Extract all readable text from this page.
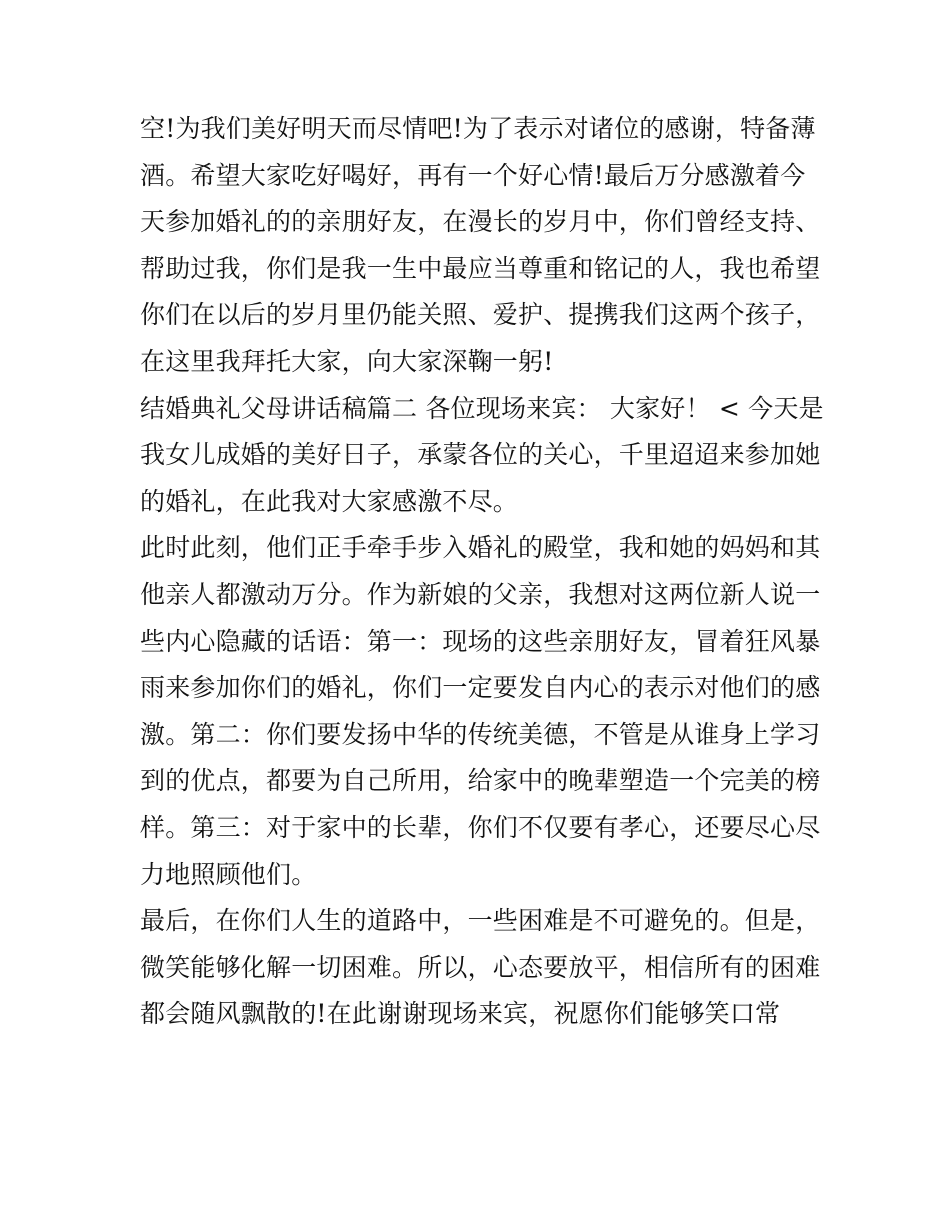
空!为我们美好明天而尽情吧!为了表示对诸位的感谢，特备薄
酒。希望大家吃好喝好，再有一个好心情!最后万分感激着今
天参加婚礼的的亲朋好友，在漫长的岁月中，你们曾经支持、
帮助过我，你们是我一生中最应当尊重和铭记的人，我也希望
你们在以后的岁月里仍能关照、爱护、提携我们这两个孩子，
在这里我拜托大家，向大家深鞠一躬!
结婚典礼父母讲话稿篇二 各位现场来宾： 大家好！ < 今天是
我女儿成婚的美好日子，承蒙各位的关心，千里迢迢来参加她
的婚礼，在此我对大家感激不尽。
此时此刻，他们正手牵手步入婚礼的殿堂，我和她的妈妈和其
他亲人都激动万分。作为新娘的父亲，我想对这两位新人说一
些内心隐藏的话语：第一：现场的这些亲朋好友，冒着狂风暴
雨来参加你们的婚礼，你们一定要发自内心的表示对他们的感
激。第二：你们要发扬中华的传统美德，不管是从谁身上学习
到的优点，都要为自己所用，给家中的晚辈塑造一个完美的榜
样。第三：对于家中的长辈，你们不仅要有孝心，还要尽心尽
力地照顾他们。
最后，在你们人生的道路中，一些困难是不可避免的。但是，
微笑能够化解一切困难。所以，心态要放平，相信所有的困难
都会随风飘散的!在此谢谢现场来宾，祝愿你们能够笑口常
